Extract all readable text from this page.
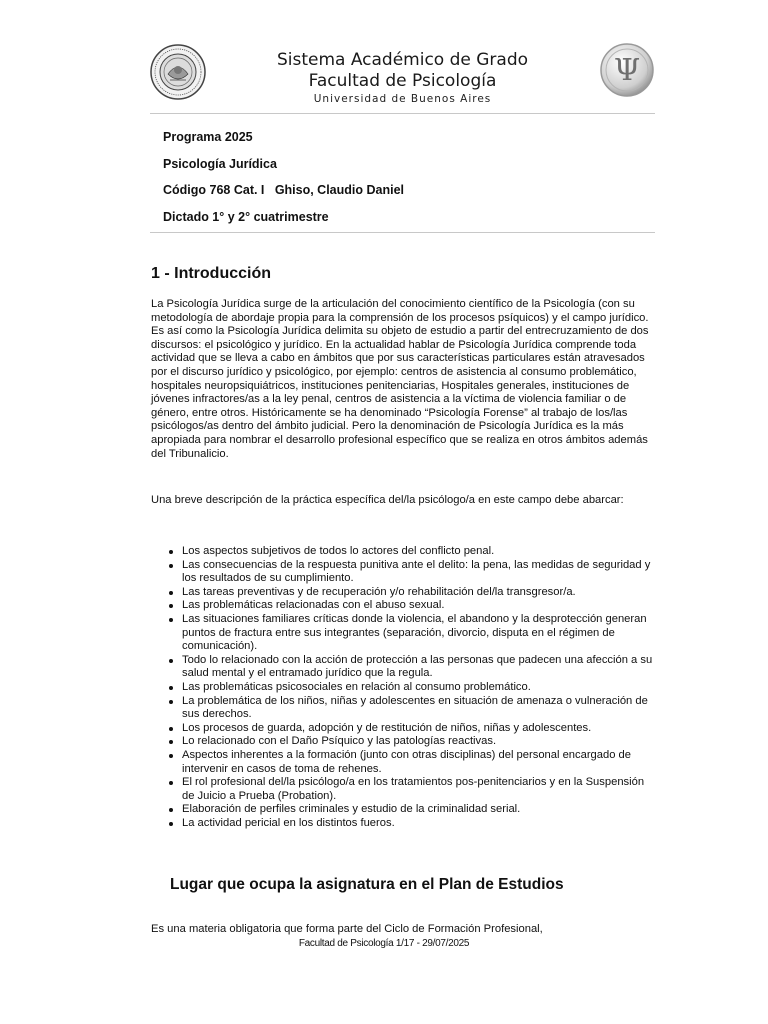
Sistema Académico de Grado
Facultad de Psicología
Universidad de Buenos Aires
Ψ
Programa 2025
Psicología Jurídica
Código 768 Cat. I   Ghiso, Claudio Daniel
Dictado 1° y 2° cuatrimestre
1 - Introducción

La Psicología Jurídica surge de la articulación del conocimiento científico de la Psicología (con su metodología de abordaje propia para la comprensión de los procesos psíquicos) y el campo jurídico. Es así como la Psicología Jurídica delimita su objeto de estudio a partir del entrecruzamiento de dos discursos: el psicológico y jurídico. En la actualidad hablar de Psicología Jurídica comprende toda actividad que se lleva a cabo en ámbitos que por sus características particulares están atravesados por el discurso jurídico y psicológico, por ejemplo: centros de asistencia al consumo problemático, hospitales neuropsiquiátricos, instituciones penitenciarias, Hospitales generales, instituciones de jóvenes infractores/as a la ley penal, centros de asistencia a la víctima de violencia familiar o de género, entre otros. Históricamente se ha denominado “Psicología Forense” al trabajo de los/las psicólogos/as dentro del ámbito judicial. Pero la denominación de Psicología Jurídica es la más apropiada para nombrar el desarrollo profesional específico que se realiza en otros ámbitos además del Tribunalicio.

Una breve descripción de la práctica específica del/la psicólogo/a en este campo debe abarcar:

Los aspectos subjetivos de todos lo actores del conflicto penal.
Las consecuencias de la respuesta punitiva ante el delito: la pena, las medidas de seguridad y los resultados de su cumplimiento.
Las tareas preventivas y de recuperación y/o rehabilitación del/la transgresor/a.
Las problemáticas relacionadas con el abuso sexual.
Las situaciones familiares críticas donde la violencia, el abandono y la desprotección generan puntos de fractura entre sus integrantes (separación, divorcio, disputa en el régimen de comunicación).
Todo lo relacionado con la acción de protección a las personas que padecen una afección a su salud mental y el entramado jurídico que la regula.
Las problemáticas psicosociales en relación al consumo problemático.
La problemática de los niños, niñas y adolescentes en situación de amenaza o vulneración de sus derechos.
Los procesos de guarda, adopción y de restitución de niños, niñas y adolescentes.
Lo relacionado con el Daño Psíquico y las patologías reactivas.
Aspectos inherentes a la formación (junto con otras disciplinas) del personal encargado de intervenir en casos de toma de rehenes.
El rol profesional del/la psicólogo/a en los tratamientos pos-penitenciarios y en la Suspensión de Juicio a Prueba (Probation).
Elaboración de perfiles criminales y estudio de la criminalidad serial.
La actividad pericial en los distintos fueros.
Lugar que ocupa la asignatura en el Plan de Estudios

Es una materia obligatoria que forma parte del Ciclo de Formación Profesional,

Facultad de Psicología 1/17 - 29/07/2025
